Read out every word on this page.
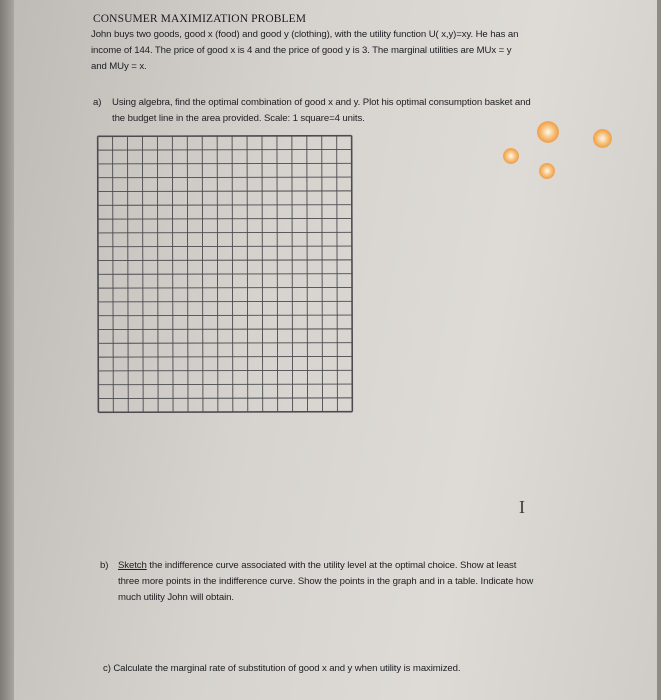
CONSUMER MAXIMIZATION PROBLEM
John buys two goods, good x (food) and good y (clothing), with the utility function U( x,y)=xy. He has an
income of 144. The price of good x is 4 and the price of good y is 3. The marginal utilities are MUx = y
and MUy = x.
a) Using algebra, find the optimal combination of good x and y. Plot his optimal consumption basket and
the budget line in the area provided. Scale: 1 square=4 units.
I
b) Sketch the indifference curve associated with the utility level at the optimal choice. Show at least
three more points in the indifference curve. Show the points in the graph and in a table. Indicate how
much utility John will obtain.
c) Calculate the marginal rate of substitution of good x and y when utility is maximized.
